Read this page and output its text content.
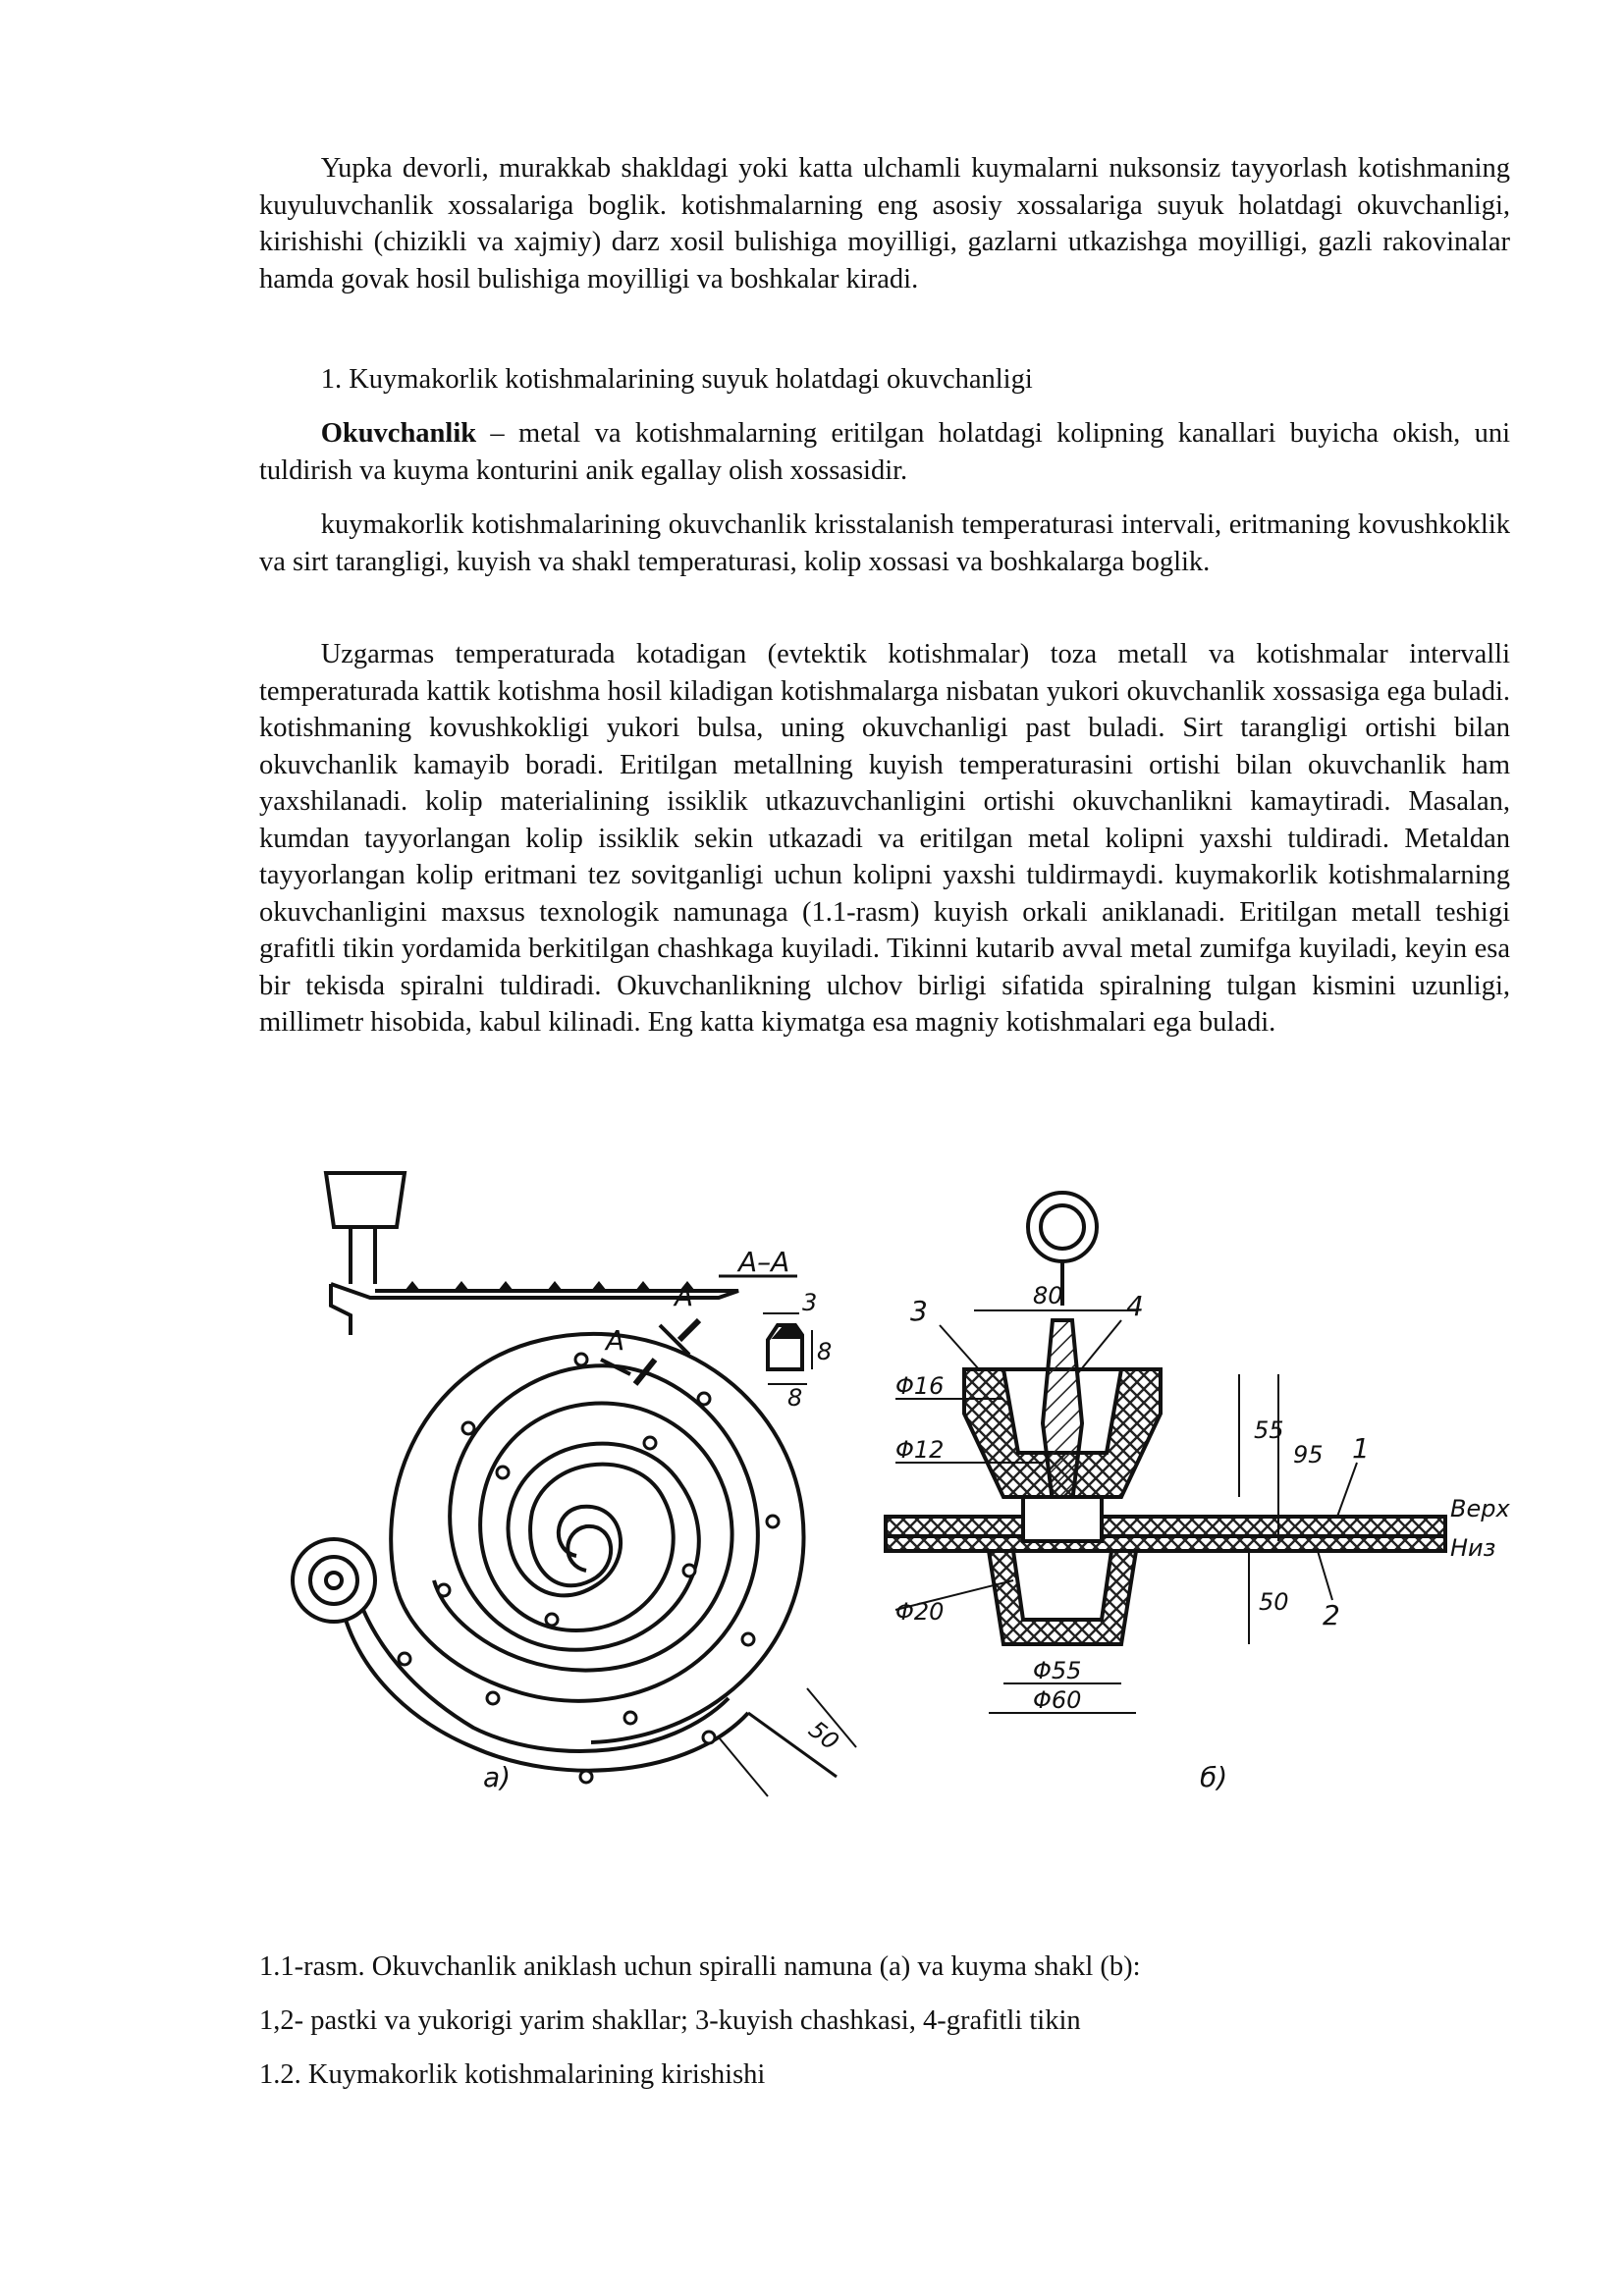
Yupka devorli, murakkab shakldagi yoki katta ulchamli kuymalarni nuksonsiz tayyorlash kotishmaning kuyuluvchanlik xossalariga boglik. kotishmalarning eng asosiy xossalariga suyuk holatdagi okuvchanligi, kirishishi (chizikli va xajmiy) darz xosil bulishiga moyilligi, gazlarni utkazishga moyilligi, gazli rakovinalar hamda govak hosil bulishiga moyilligi va boshkalar kiradi.

1. Kuymakorlik kotishmalarining suyuk holatdagi okuvchanligi

Okuvchanlik – metal va kotishmalarning eritilgan holatdagi kolipning kanallari buyicha okish, uni tuldirish va kuyma konturini anik egallay olish xossasidir.

kuymakorlik kotishmalarining okuvchanlik krisstalanish temperaturasi intervali, eritmaning kovushkoklik va sirt tarangligi, kuyish va shakl temperaturasi, kolip xossasi va boshkalarga boglik.

Uzgarmas temperaturada kotadigan (evtektik kotishmalar) toza metall va kotishmalar intervalli temperaturada kattik kotishma hosil kiladigan kotishmalarga nisbatan yukori okuvchanlik xossasiga ega buladi. kotishmaning kovushkokligi yukori bulsa, uning okuvchanligi past buladi. Sirt tarangligi ortishi bilan okuvchanlik kamayib boradi. Eritilgan metallning kuyish temperaturasini ortishi bilan okuvchanlik ham yaxshilanadi. kolip materialining issiklik utkazuvchanligini ortishi okuvchanlikni kamaytiradi. Masalan, kumdan tayyorlangan kolip issiklik sekin utkazadi va eritilgan metal kolipni yaxshi tuldiradi. Metaldan tayyorlangan kolip eritmani tez sovitganligi uchun kolipni yaxshi tuldirmaydi. kuymakorlik kotishmalarning okuvchanligini maxsus texnologik namunaga (1.1-rasm) kuyish orkali aniklanadi. Eritilgan metall teshigi grafitli tikin yordamida berkitilgan chashkaga kuyiladi. Tikinni kutarib avval metal zumifga kuyiladi, keyin esa bir tekisda spiralni tuldiradi. Okuvchanlikning ulchov birligi sifatida spiralning tulgan kismini uzunligi, millimetr hisobida, kabul kilinadi. Eng katta kiymatga esa magniy kotishmalari ega buladi.

A–A
A
A
3
8
8
50
а)
80
3	4
55
95
Φ16
Φ12	1
Верх
Низ
50
Φ20	2
Φ55
Φ60
б)
1.1-rasm. Okuvchanlik aniklash uchun spiralli namuna (a) va kuyma shakl (b):
1,2- pastki va yukorigi yarim shakllar; 3-kuyish chashkasi, 4-grafitli tikin
1.2. Kuymakorlik kotishmalarining kirishishi
